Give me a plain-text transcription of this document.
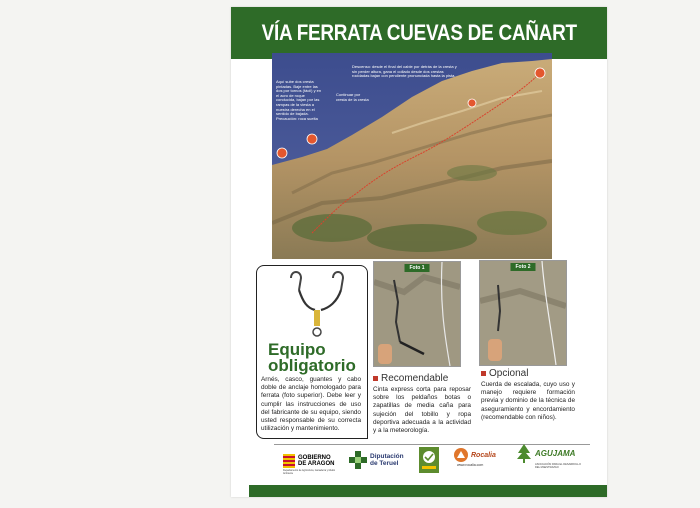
VÍA FERRATA CUEVAS DE CAÑART
Aquí sube dos cresta pintadas. Baje entre las dos por tornos (fácil) y en el acro de roque conducida, bajan por las rampas de la viesta a nuestra derecha en el sentido de bajada. Precaución: roca suelta
Descenso: desde el final del cable por detrás de la cresta y sin perder altura, gana el collado desde dos crestas rocidadas bajan con pendiente pronunciada hasta la pista.
Continuar por cresta de la cresta
Equipo obligatorio
Arnés, casco, guantes y cabo doble de anclaje homologado para ferrata (foto superior). Debe leer y cumplir las instrucciones de uso del fabricante de su equipo, siendo usted responsable de su correcta utilización y mantenimiento.
Foto 1	Foto 2
Recomendable
Cinta express corta para reposar sobre los peldaños botas o zapatillas de media caña para sujeción del tobillo y ropa deportiva adecuada a la actividad y a la meteorología.
Opcional
Cuerda de escalada, cuyo uso y manejo requiere formación previa y dominio de la técnica de aseguramiento y encordamiento (recomendable con niños).
GOBIERNO
DE ARAGON
Departamento de Agricultura, Ganadería y Medio Ambiente
Diputación
de Teruel
Rocalia
www.rocalia.com
AGUJAMA
ASOCIACIÓN PARA EL DESARROLLO DEL MAESTRAZGO
